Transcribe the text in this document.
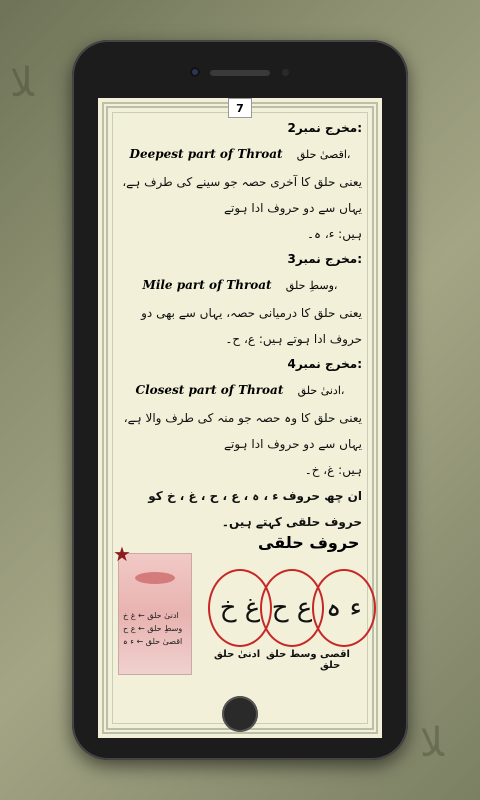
ﻼ
ﻼ
7
مخرج نمبر2:
Deepest part of Throat اقصیٰ حلق،
یعنی حلق کا آخری حصہ جو سینے کی طرف ہے، یہاں سے دو حروف ادا ہوتے
ہیں: ء، ہ۔
مخرج نمبر3:
Mile part of Throat وسطِ حلق،
یعنی حلق کا درمیانی حصہ، یہاں سے بھی دو حروف ادا ہوتے ہیں: ع، ح۔
مخرج نمبر4:
Closest part of Throat ادنیٰ حلق،
یعنی حلق کا وہ حصہ جو منہ کی طرف والا ہے، یہاں سے دو حروف ادا ہوتے
ہیں: غ، خ۔
ان چھ حروف ء ، ہ ، ع ، ح ، غ ، خ کو حروف حلقی کہتے ہیں۔
★
ادنیٰ حلق ← غ خ
وسطِ حلق ← ع ح
اقصیٰ حلق ← ء ہ
حروف حلقی
غ خ ع ح ء ہ
ادنیٰ حلق وسط حلق اقصی حلق
